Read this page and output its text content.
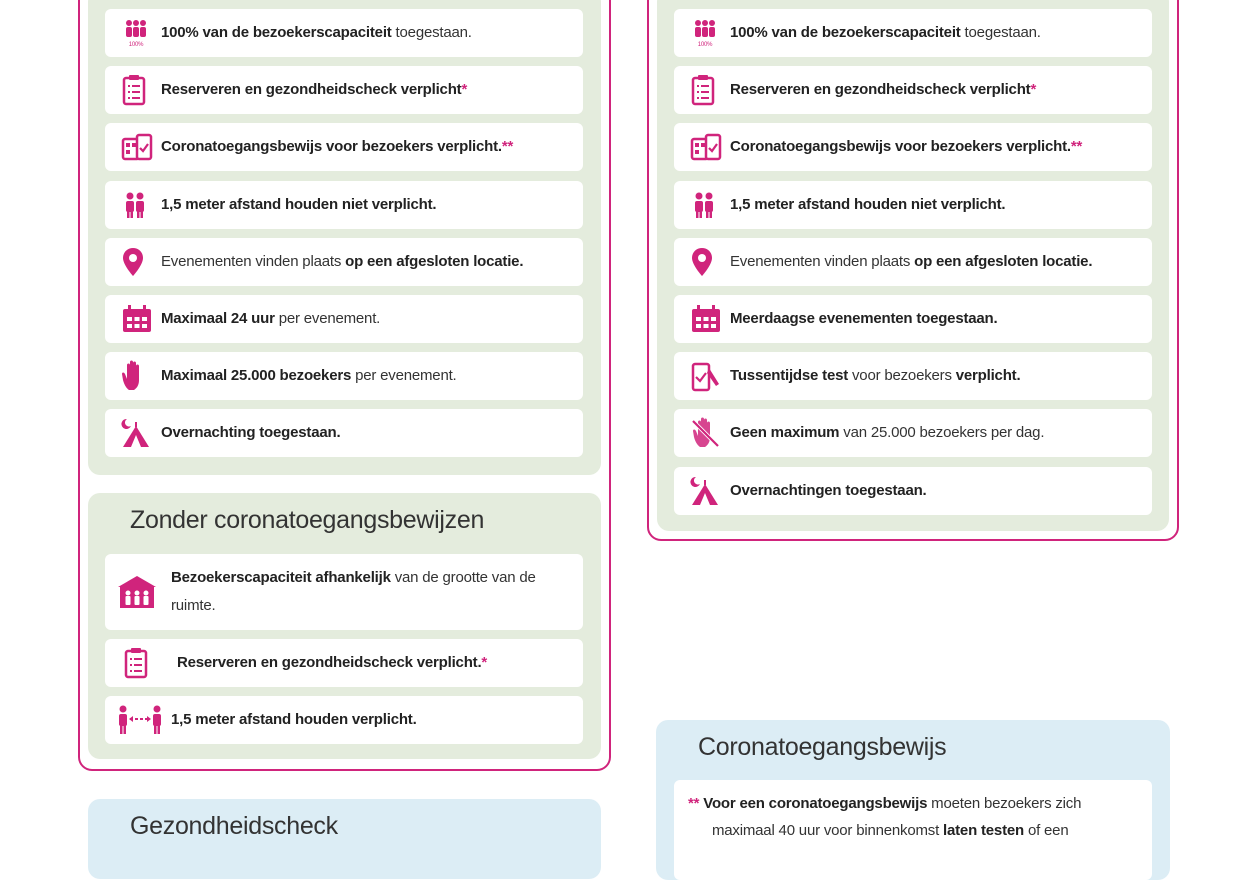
100%
100% van de bezoekerscapaciteit toegestaan.
Reserveren en gezondheidscheck verplicht*
Coronatoegangsbewijs voor bezoekers verplicht.**
1,5 meter afstand houden niet verplicht.
Evenementen vinden plaats op een afgesloten locatie.
Maximaal 24 uur per evenement.
Maximaal 25.000 bezoekers per evenement.
Overnachting toegestaan.
Zonder coronatoegangsbewijzen
Bezoekerscapaciteit afhankelijk van de grootte van de ruimte.
Reserveren en gezondheidscheck verplicht.*
1,5 meter afstand houden verplicht.
Gezondheidscheck
100%
100% van de bezoekerscapaciteit toegestaan.
Reserveren en gezondheidscheck verplicht*
Coronatoegangsbewijs voor bezoekers verplicht.**
1,5 meter afstand houden niet verplicht.
Evenementen vinden plaats op een afgesloten locatie.
Meerdaagse evenementen toegestaan.
Tussentijdse test voor bezoekers verplicht.
Geen maximum van 25.000 bezoekers per dag.
Overnachtingen toegestaan.
Coronatoegangsbewijs
** Voor een coronatoegangsbewijs moeten bezoekers zich
maximaal 40 uur voor binnenkomst laten testen of een
